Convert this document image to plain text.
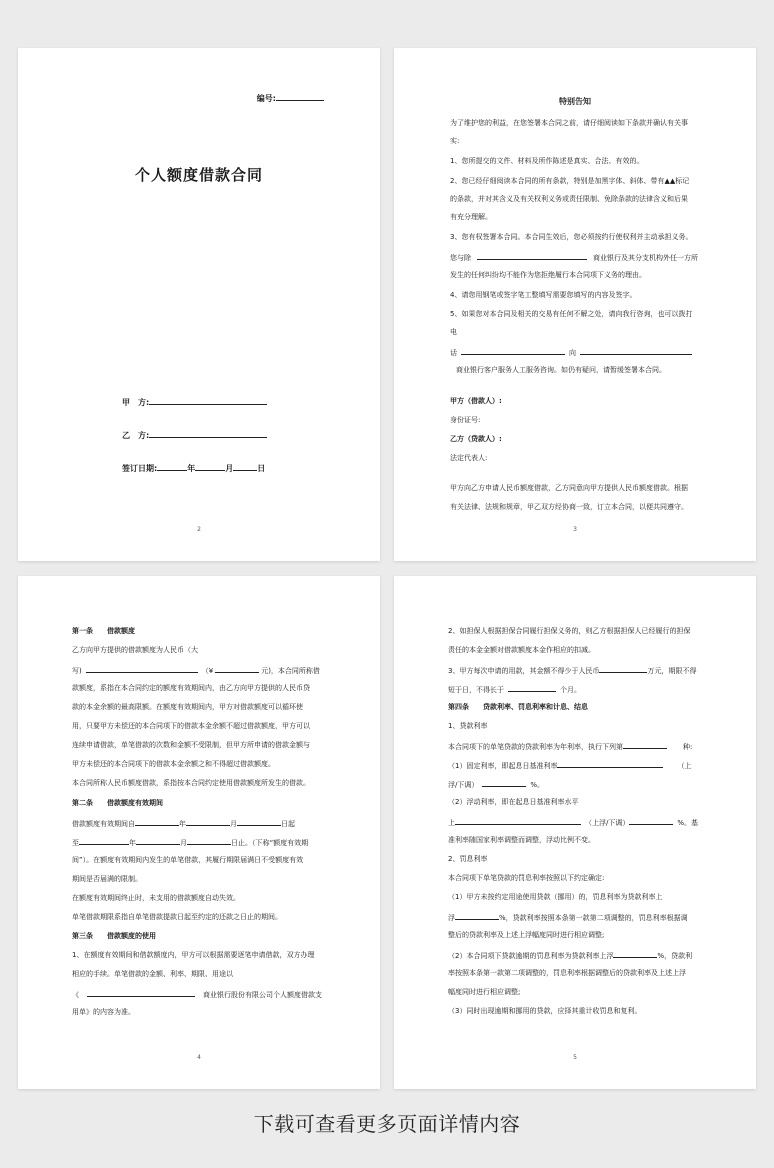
编号:
个人额度借款合同
甲　方:
乙　方:
签订日期:	年	月	日
2
特别告知
为了维护您的利益，在您签署本合同之前，请仔细阅读如下条款并确认有关事
实:
1、您所提交的文件、材料及所作陈述是真实、合法、有效的。
2、您已经仔细阅读本合同的所有条款，特别是加黑字体、斜体、带有▲▲标记
的条款，并对其含义及有关权利义务或责任限制、免除条款的法律含义和后果
有充分理解。
3、您有权签署本合同。本合同生效后，您必须按约行使权利并主动承担义务。
您与除	商业银行及其分支机构外任一方所
发生的任何纠纷均不能作为您拒绝履行本合同项下义务的理由。
4、请您用钢笔或签字笔工整填写需要您填写的内容及签字。
5、如果您对本合同及相关的交易有任何不解之处，请向我行咨询，也可以拨打
电
话	向
商业银行客户服务人工服务咨询。如仍有疑问，请暂缓签署本合同。
甲方（借款人）:
身份证号:
乙方（贷款人）:
法定代表人:
甲方向乙方申请人民币额度借款，乙方同意向甲方提供人民币额度借款。根据
有关法律、法规和规章，甲乙双方经协商一致，订立本合同，以便共同遵守。
3
第一条　　借款额度
乙方向甲方提供的借款额度为人民币（大
写)	（¥	元)，本合同所称借
款额度，系指在本合同约定的额度有效期间内，由乙方向甲方提供的人民币贷
款的本金余额的最高限额。在额度有效期间内，甲方对借款额度可以循环使
用，只要甲方未偿还的本合同项下的借款本金余额不超过借款额度，甲方可以
连续申请借款，单笔借款的次数和金额不受限制，但甲方所申请的借款金额与
甲方未偿还的本合同项下的借款本金余额之和不得超过借款额度。
本合同所称人民币额度借款，系指按本合同约定使用借款额度所发生的借款。
第二条　　借款额度有效期间
借款额度有效期间自	年	月	日起
至	年	月	日止。（下称“额度有效期
间”）。在额度有效期间内发生的单笔借款，其履行期限届满日不受额度有效
期间是否届满的限制。
在额度有效期间终止时，未支用的借款额度自动失效。
单笔借款期限系指自单笔借款提款日起至约定的还款之日止的期间。
第三条　　借款额度的使用
1、在额度有效期间和借款额度内，甲方可以根据需要逐笔申请借款，双方办理
相应的手续。单笔借款的金额、利率、期限、用途以
《	商业银行股份有限公司个人额度借款支
用单》的内容为准。
4
2、如担保人根据担保合同履行担保义务的，则乙方根据担保人已经履行的担保
责任的本金金额对借款额度本金作相应的扣减。
3、甲方每次申请的用款，其金额不得少于人民币	万元，期限不得
短于日，不得长于	个月。
第四条　　贷款利率、罚息利率和计息、结息
1、贷款利率
本合同项下的单笔贷款的贷款利率为年利率，执行下列第	种:
（1）固定利率，即起息日基准利率	（上
浮/下调）	%。
（2）浮动利率，即在起息日基准利率水平
上	（上浮/下调）	%。基
准利率随国家利率调整而调整，浮动比例不变。
2、罚息利率
本合同项下单笔贷款的罚息利率按照以下约定确定:
（1）甲方未按约定用途使用贷款（挪用）的，罚息利率为贷款利率上
浮	%，贷款利率按照本条第一款第二项调整的，罚息利率根据调
整后的贷款利率及上述上浮幅度同时进行相应调整;
（2）本合同项下贷款逾期的罚息利率为贷款利率上浮	%，贷款利
率按照本条第一款第二项调整的，罚息利率根据调整后的贷款利率及上述上浮
幅度同时进行相应调整;
（3）同时出现逾期和挪用的贷款，应择其重计收罚息和复利。
5
下载可查看更多页面详情内容
